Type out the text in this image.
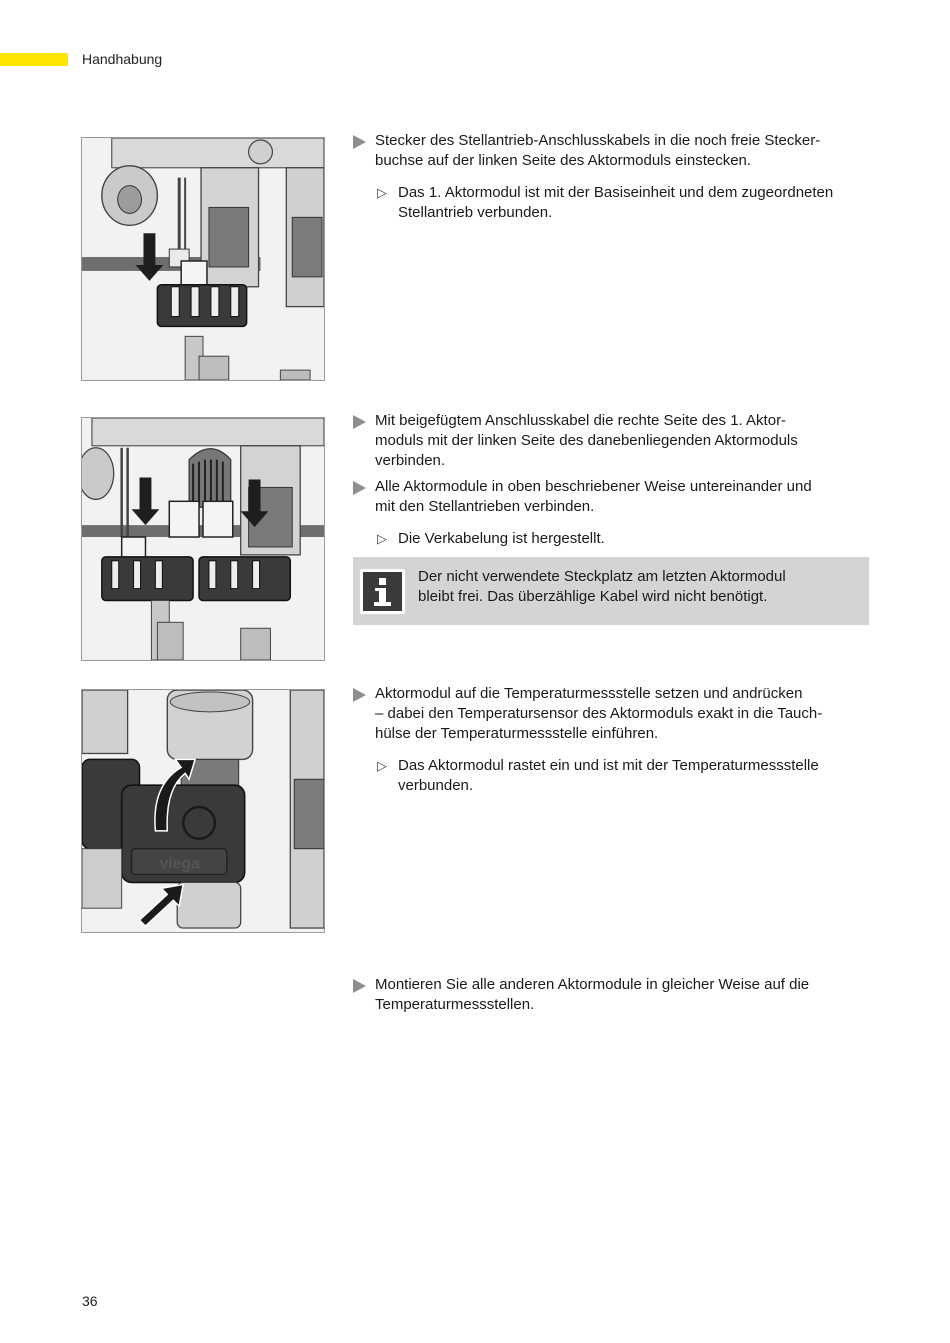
Handhabung
viega
Stecker des Stellantrieb-Anschlusskabels in die noch freie Stecker-
buchse auf der linken Seite des Aktormoduls einstecken.
▷ Das 1. Aktormodul ist mit der Basiseinheit und dem zugeordneten
Stellantrieb verbunden.
Mit beigefügtem Anschlusskabel die rechte Seite des 1. Aktor-
moduls mit der linken Seite des danebenliegenden Aktormoduls
verbinden.
Alle Aktormodule in oben beschriebener Weise untereinander und
mit den Stellantrieben verbinden.
▷ Die Verkabelung ist hergestellt.
Der nicht verwendete Steckplatz am letzten Aktormodul
bleibt frei. Das überzählige Kabel wird nicht benötigt.
Aktormodul auf die Temperaturmessstelle setzen und andrücken
– dabei den Temperatursensor des Aktormoduls exakt in die Tauch-
hülse der Temperaturmessstelle einführen.
▷ Das Aktormodul rastet ein und ist mit der Temperaturmessstelle
verbunden.
Montieren Sie alle anderen Aktormodule in gleicher Weise auf die
Temperaturmessstellen.
36
